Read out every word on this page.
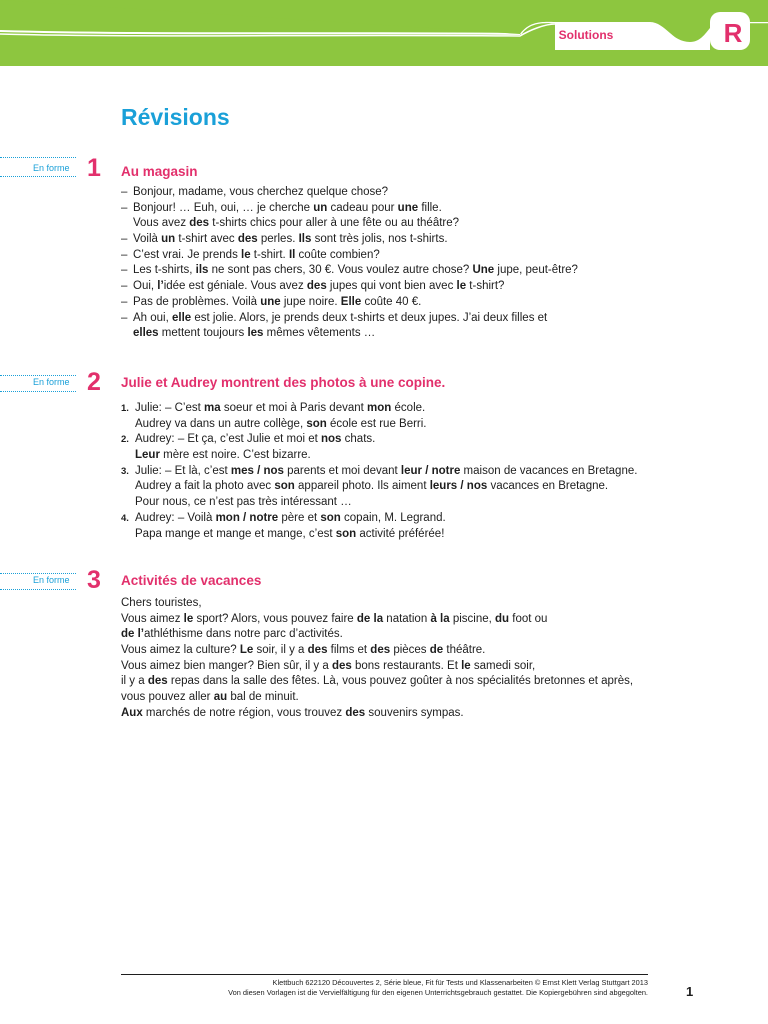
Solutions	R
Révisions
En forme 1 Au magasin
– Bonjour, madame, vous cherchez quelque chose?
– Bonjour! … Euh, oui, … je cherche un cadeau pour une fille.
Vous avez des t-shirts chics pour aller à une fête ou au théâtre?
– Voilà un t-shirt avec des perles. Ils sont très jolis, nos t-shirts.
– C’est vrai. Je prends le t-shirt. Il coûte combien?
– Les t-shirts, ils ne sont pas chers, 30 €. Vous voulez autre chose? Une jupe, peut-être?
– Oui, l’idée est géniale. Vous avez des jupes qui vont bien avec le t-shirt?
– Pas de problèmes. Voilà une jupe noire. Elle coûte 40 €.
– Ah oui, elle est jolie. Alors, je prends deux t-shirts et deux jupes. J’ai deux filles et
elles mettent toujours les mêmes vêtements …
En forme 2 Julie et Audrey montrent des photos à une copine.
1. Julie: – C’est ma soeur et moi à Paris devant mon école.
Audrey va dans un autre collège, son école est rue Berri.
2. Audrey: – Et ça, c’est Julie et moi et nos chats.
Leur mère est noire. C’est bizarre.
3. Julie: – Et là, c’est mes / nos parents et moi devant leur / notre maison de vacances en Bretagne.
Audrey a fait la photo avec son appareil photo. Ils aiment leurs / nos vacances en Bretagne.
Pour nous, ce n’est pas très intéressant …
4. Audrey: – Voilà mon / notre père et son copain, M. Legrand.
Papa mange et mange et mange, c’est son activité préférée!
En forme 3 Activités de vacances
Chers touristes,
Vous aimez le sport? Alors, vous pouvez faire de la natation à la piscine, du foot ou
de l’athléthisme dans notre parc d’activités.
Vous aimez la culture? Le soir, il y a des films et des pièces de théâtre.
Vous aimez bien manger? Bien sûr, il y a des bons restaurants. Et le samedi soir,
il y a des repas dans la salle des fêtes. Là, vous pouvez goûter à nos spécialités bretonnes et après,
vous pouvez aller au bal de minuit.
Aux marchés de notre région, vous trouvez des souvenirs sympas.
Klettbuch 622120 Découvertes 2, Série bleue, Fit für Tests und Klassenarbeiten © Ernst Klett Verlag Stuttgart 2013
Von diesen Vorlagen ist die Vervielfältigung für den eigenen Unterrichtsgebrauch gestattet. Die Kopiergebühren sind abgegolten.	1
